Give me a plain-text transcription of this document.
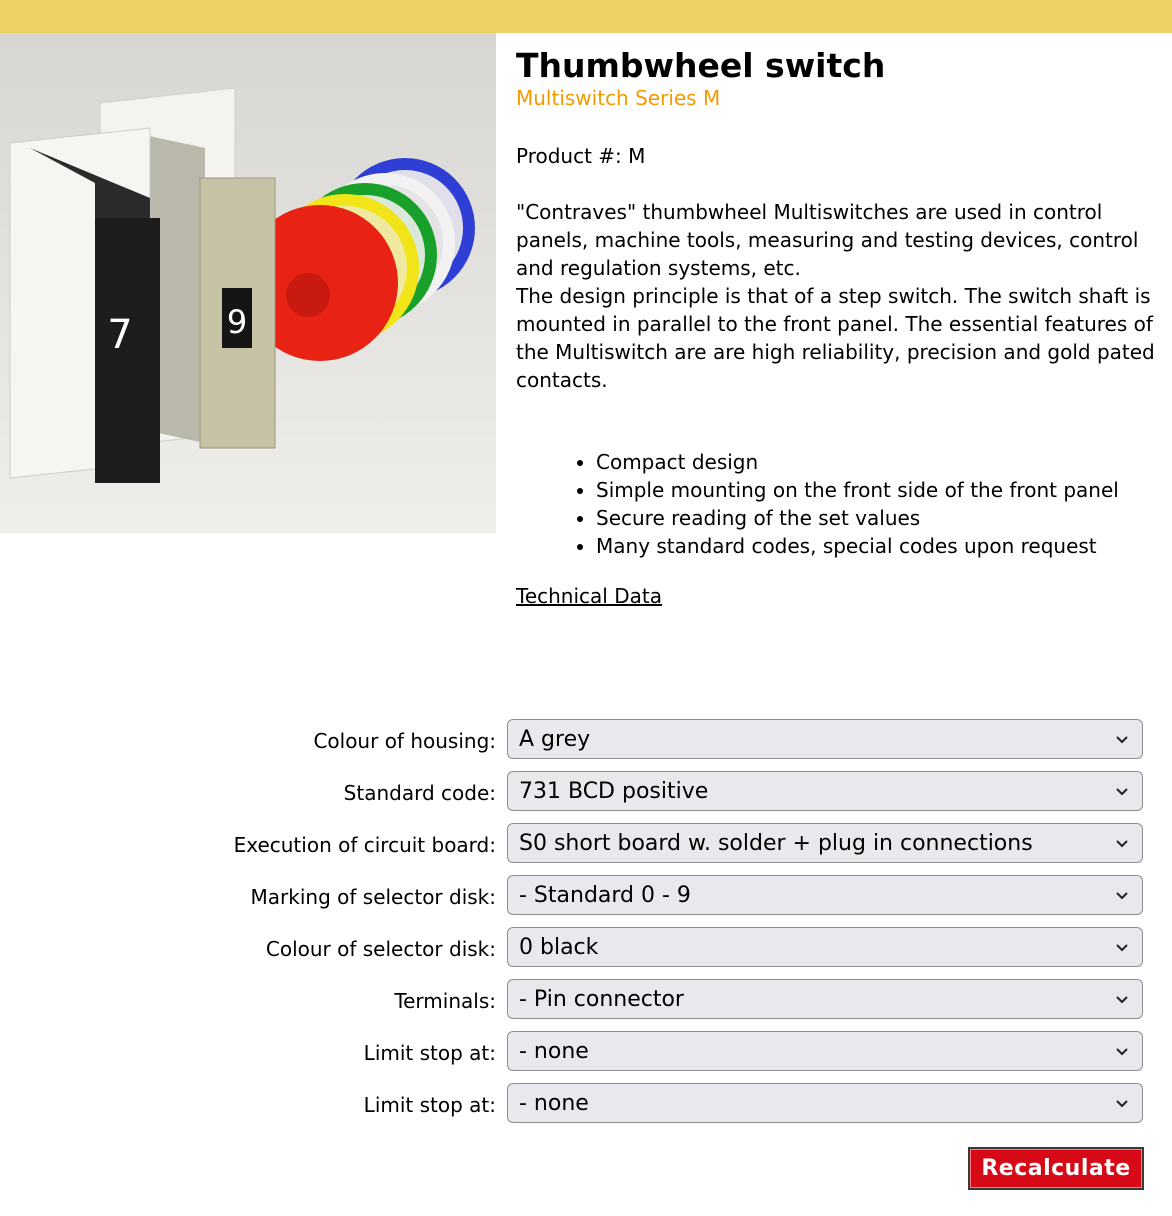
9
7
Thumbwheel switch
Multiswitch Series M
Product #: M
"Contraves" thumbwheel Multiswitches are used in control panels, machine tools, measuring and testing devices, control and regulation systems, etc.
The design principle is that of a step switch. The switch shaft is mounted in parallel to the front panel. The essential features of the Multiswitch are are high reliability, precision and gold pated contacts.
• Compact design
• Simple mounting on the front side of the front panel
• Secure reading of the set values
• Many standard codes, special codes upon request
Technical Data
Colour of housing: A grey
Standard code: 731 BCD positive
Execution of circuit board: S0 short board w. solder + plug in connections
Marking of selector disk: - Standard 0 - 9
Colour of selector disk: 0 black
Terminals: - Pin connector
Limit stop at: - none
Limit stop at: - none
Recalculate
